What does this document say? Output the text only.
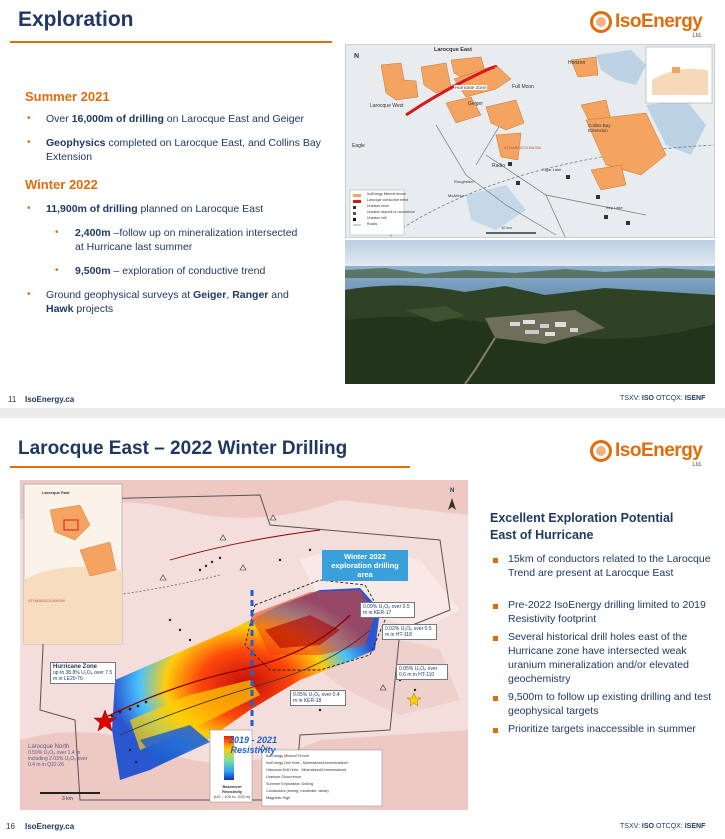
Exploration	IsoEnergy
Ltd.
Summer 2021
• Over 16,000m of drilling on Larocque East and Geiger
• Geophysics completed on Larocque East, and Collins Bay Extension
Winter 2022
• 11,900m of drilling planned on Larocque East
• 2,400m –follow up on mineralization intersected at Hurricane last summer
• 9,500m – exploration of conductive trend
• Ground geophysical surveys at Geiger, Ranger and Hawk projects
N
Larocque East
Hurricane Zone
Larocque West	Geiger
Full Moon
Horizon
Collins Bay Extension
Eagle
Radio
ATHABASCA BASIN
Roughrider
McArthur
Cigar Lake
Key Lake
IsoEnergy Mineral tenure
Larocque conductive trend
Uranium mine
Uranium deposit or occurrence
Uranium mill
Roads
10 km
11 IsoEnergy.ca	TSXV: ISO OTCQX: ISENF
Larocque East – 2022 Winter Drilling	IsoEnergy
Ltd.
N
Larocque East
ATHABASCA BASIN
Winter 2022 exploration drilling area
2019 - 2021 Resistivity
Hurricane Zone
up to 38.8% U₃O₈ over 7.5 m in LE20-76
Larocque North
0.59% U₃O₈ over 1.4 m including 2.03% U₃O₈ over 0.4 m in Q22-26
0.09% U₃O₈ over 0.5 m in KER-17
0.02% U₃O₈ over 0.5 m in HT-118
0.05% U₃O₈ over 0.4 m in KER-18
0.05% U₃O₈ over 0.6 m in HT-110
3 km
Basement Resistivity
(UC - 100 to -225 m)
IsoEnergy Mineral Tenure
IsoEnergy Drill Hole - Mineralized/Unmineralized
Historical Drill Hole - Mineralized/Unmineralized
Uranium Occurrence
Summer Exploration Drilling
Conductors (strong, moderate, weak)
Magnetic High
Excellent Exploration Potential East of Hurricane
15km of conductors related to the Larocque Trend are present at Larocque East
Pre-2022 IsoEnergy drilling limited to 2019 Resistivity footprint
Several historical drill holes east of the Hurricane zone have intersected weak uranium mineralization and/or elevated geochemistry
9,500m to follow up existing drilling and test geophysical targets
Prioritize targets inaccessible in summer
16 IsoEnergy.ca	TSXV: ISO OTCQX: ISENF
